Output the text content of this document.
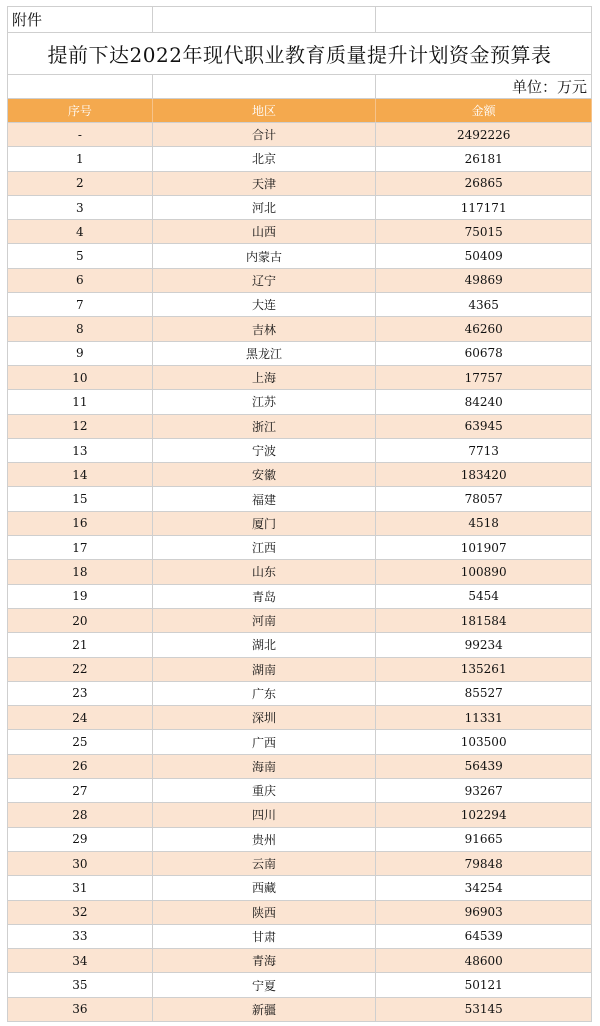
附件
提前下达2022年现代职业教育质量提升计划资金预算表
单位：万元
序号	地区	金额
-	合计	2492226
1	北京	26181
2	天津	26865
3	河北	117171
4	山西	75015
5	内蒙古	50409
6	辽宁	49869
7	大连	4365
8	吉林	46260
9	黑龙江	60678
10	上海	17757
11	江苏	84240
12	浙江	63945
13	宁波	7713
14	安徽	183420
15	福建	78057
16	厦门	4518
17	江西	101907
18	山东	100890
19	青岛	5454
20	河南	181584
21	湖北	99234
22	湖南	135261
23	广东	85527
24	深圳	11331
25	广西	103500
26	海南	56439
27	重庆	93267
28	四川	102294
29	贵州	91665
30	云南	79848
31	西藏	34254
32	陕西	96903
33	甘肃	64539
34	青海	48600
35	宁夏	50121
36	新疆	53145
